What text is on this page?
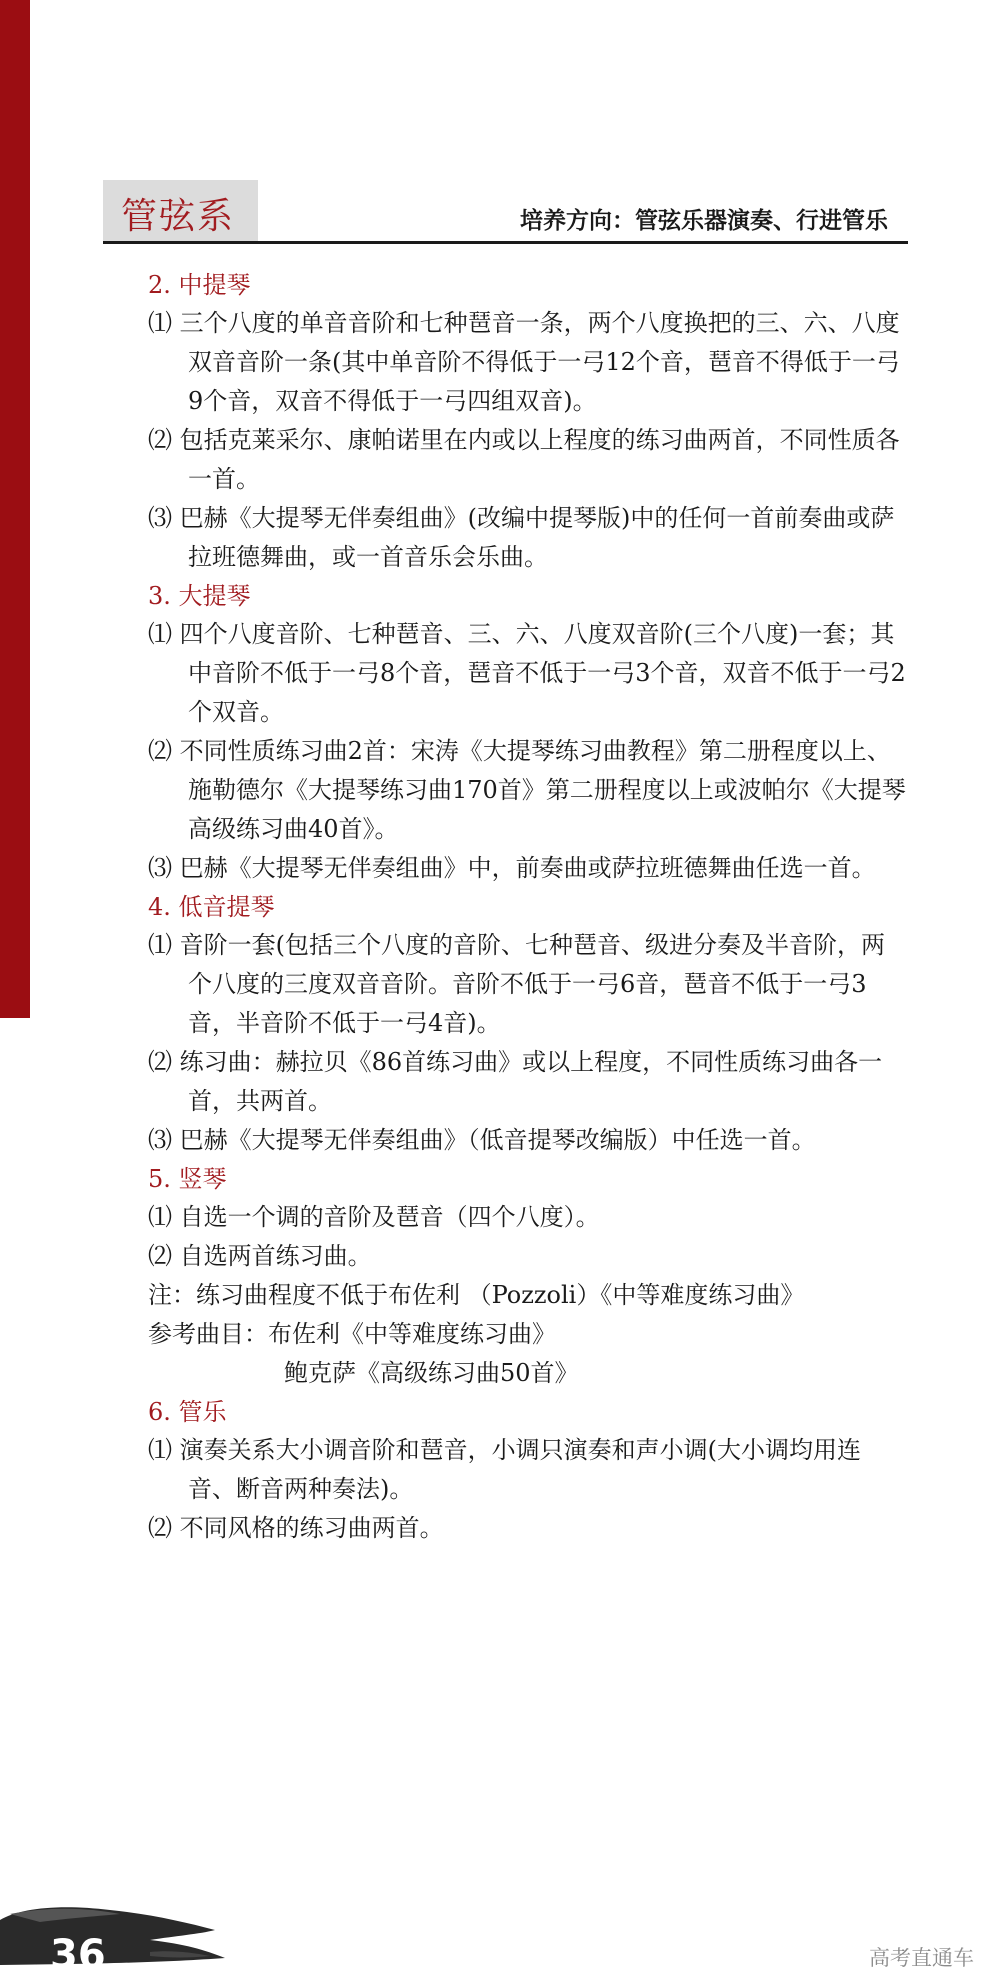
管弦系	培养方向：管弦乐器演奏、行进管乐
2. 中提琴
⑴ 三个八度的单音音阶和七种琶音一条，两个八度换把的三、六、八度双音音阶一条(其中单音阶不得低于一弓12个音，琶音不得低于一弓9个音，双音不得低于一弓四组双音)。
⑵ 包括克莱采尔、康帕诺里在内或以上程度的练习曲两首，不同性质各一首。
⑶ 巴赫《大提琴无伴奏组曲》(改编中提琴版)中的任何一首前奏曲或萨拉班德舞曲，或一首音乐会乐曲。
3. 大提琴
⑴ 四个八度音阶、七种琶音、三、六、八度双音阶(三个八度)一套；其中音阶不低于一弓8个音，琶音不低于一弓3个音，双音不低于一弓2个双音。
⑵ 不同性质练习曲2首：宋涛《大提琴练习曲教程》第二册程度以上、施勒德尔《大提琴练习曲170首》第二册程度以上或波帕尔《大提琴高级练习曲40首》。
⑶ 巴赫《大提琴无伴奏组曲》中，前奏曲或萨拉班德舞曲任选一首。
4. 低音提琴
⑴ 音阶一套(包括三个八度的音阶、七种琶音、级进分奏及半音阶，两个八度的三度双音音阶。音阶不低于一弓6音，琶音不低于一弓3音，半音阶不低于一弓4音)。
⑵ 练习曲：赫拉贝《86首练习曲》或以上程度，不同性质练习曲各一首，共两首。
⑶ 巴赫《大提琴无伴奏组曲》（低音提琴改编版）中任选一首。
5. 竖琴
⑴ 自选一个调的音阶及琶音（四个八度）。
⑵ 自选两首练习曲。
注：练习曲程度不低于布佐利 （Pozzoli）《中等难度练习曲》
参考曲目：布佐利《中等难度练习曲》
鲍克萨《高级练习曲50首》
6. 管乐
⑴ 演奏关系大小调音阶和琶音，小调只演奏和声小调(大小调均用连音、断音两种奏法)。
⑵ 不同风格的练习曲两首。
36	高考直通车
